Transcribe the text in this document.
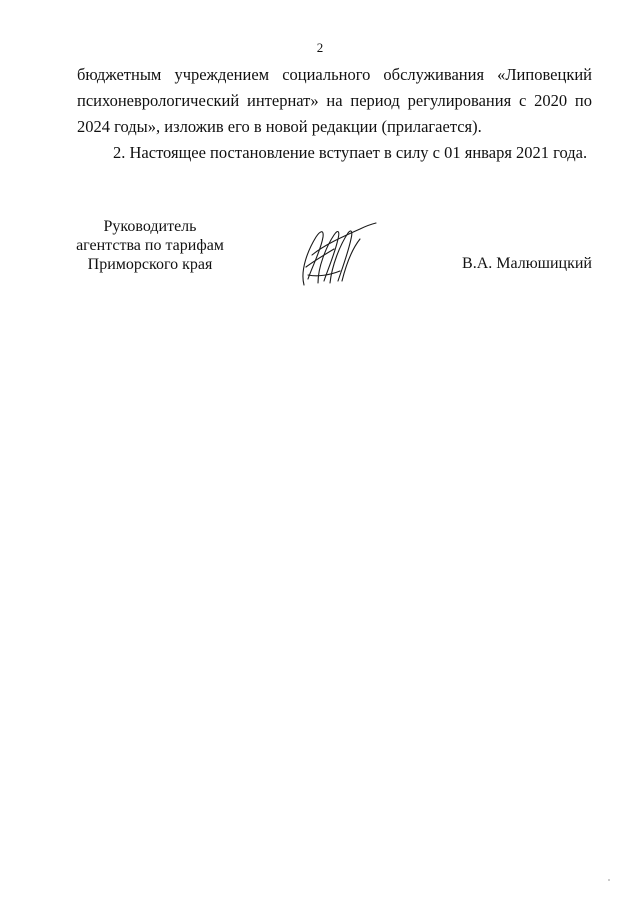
2
бюджетным учреждением социального обслуживания «Липовецкий
психоневрологический интернат» на период регулирования с 2020 по
2024 годы», изложив его в новой редакции (прилагается).
2. Настоящее постановление вступает в силу с 01 января 2021 года.
Руководитель
агентства по тарифам
Приморского края	В.А. Малюшицкий
